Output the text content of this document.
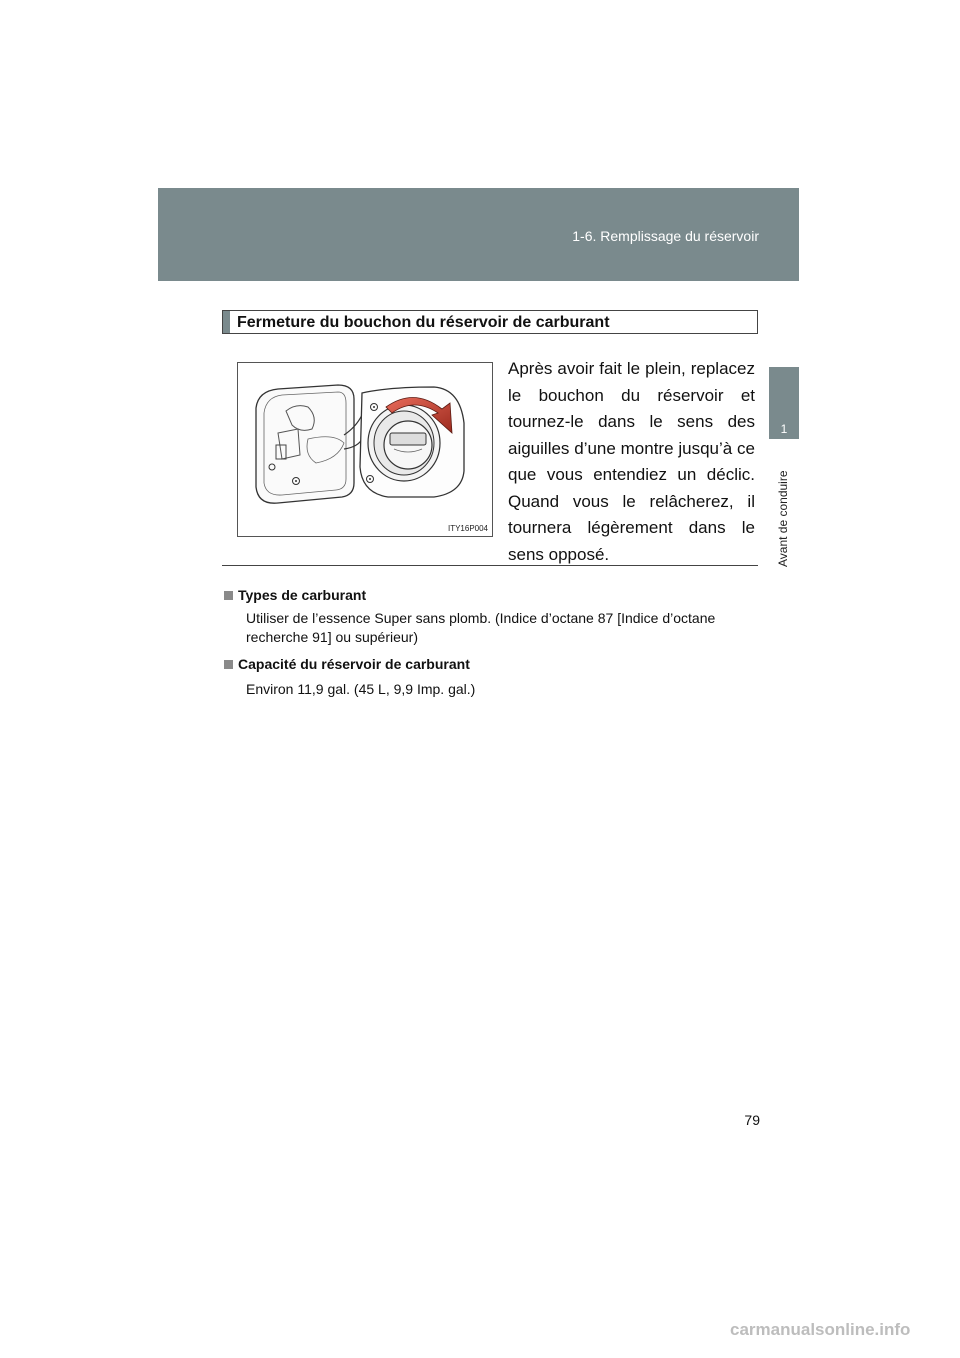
1-6. Remplissage du réservoir
1
Avant de conduire
Fermeture du bouchon du réservoir de carburant
ITY16P004
Après avoir fait le plein, replacez le bouchon du réservoir et tournez-le dans le sens des aiguilles d’une montre jusqu’à ce que vous entendiez un déclic. Quand vous le relâcherez, il tournera légèrement dans le sens opposé.
Types de carburant
Utiliser de l’essence Super sans plomb. (Indice d’octane 87 [Indice d’octane recherche 91] ou supérieur)
Capacité du réservoir de carburant
Environ 11,9 gal. (45 L, 9,9 Imp. gal.)
79
carmanualsonline.info
